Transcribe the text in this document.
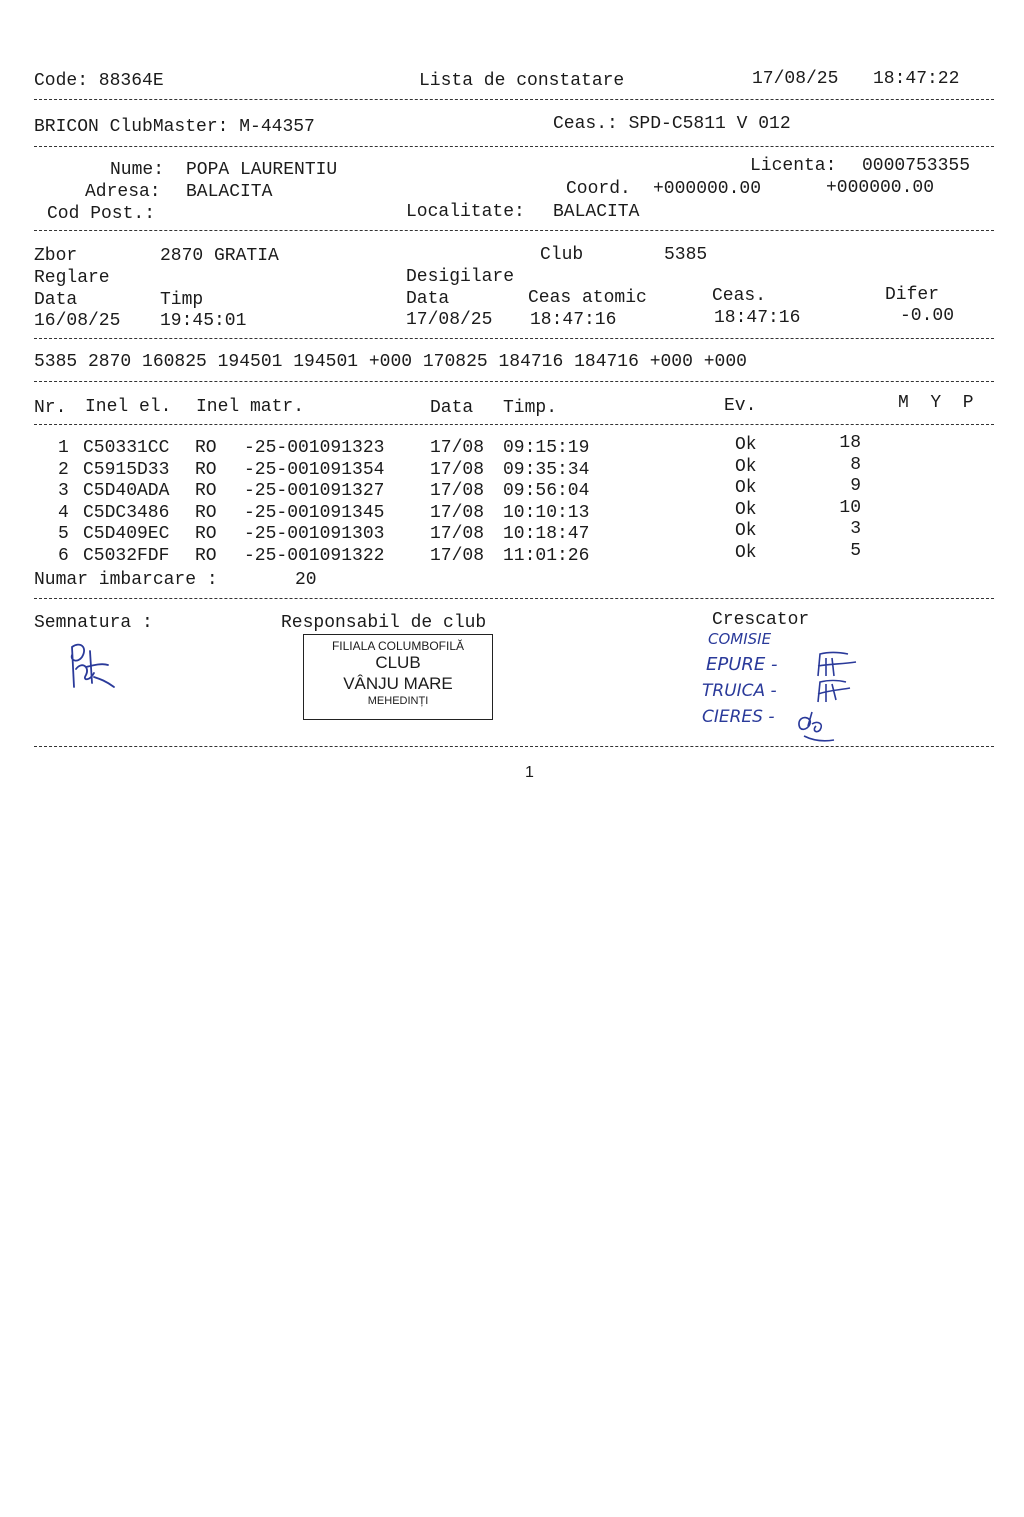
Code: 88364E	Lista de constatare	17/08/25 18:47:22
BRICON ClubMaster: M-44357	Ceas.: SPD-C5811 V 012
Nume: POPA LAURENTIU	Licenta: 0000753355
Adresa: BALACITA	Coord. +000000.00	+000000.00
Cod Post.:	Localitate: BALACITA
Zbor	2870 GRATIA	Club	5385
Reglare	Desigilare
Data	Timp	Data	Ceas atomic	Ceas.	Difer
16/08/25 19:45:01	17/08/25 18:47:16	18:47:16	-0.00
5385 2870 160825 194501 194501 +000 170825 184716 184716 +000 +000
Nr. Inel el. Inel matr.	Data Timp.	Ev.	M  Y  P
1 C50331CC RO -25-001091323	17/08 09:15:19	Ok	18
2 C5915D33 RO -25-001091354	17/08 09:35:34	Ok	8
3 C5D40ADA RO -25-001091327	17/08 09:56:04	Ok	9
4 C5DC3486 RO -25-001091345	17/08 10:10:13	Ok	10
5 C5D409EC RO -25-001091303	17/08 10:18:47	Ok	3
6 C5032FDF RO -25-001091322	17/08 11:01:26	Ok	5
Numar imbarcare :	20
Semnatura :	Responsabil de club	Crescator
FILIALA COLUMBOFILĂ
CLUB
VÂNJU MARE
MEHEDINȚI
COMISIE
EPURE -
TRUICA -
CIERES -
1
